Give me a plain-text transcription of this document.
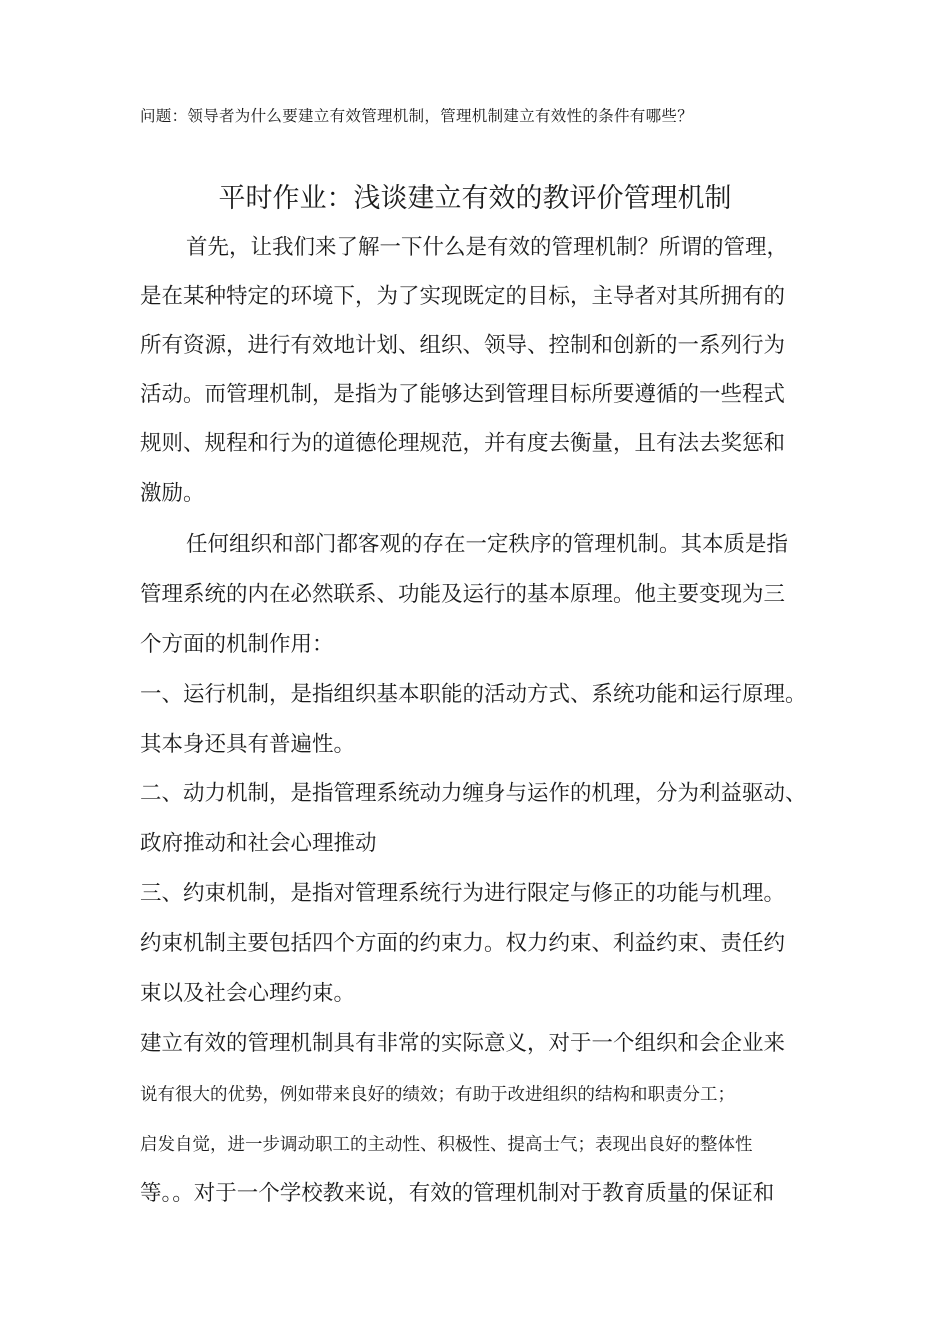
问题：领导者为什么要建立有效管理机制，管理机制建立有效性的条件有哪些？
平时作业：浅谈建立有效的教评价管理机制
首先，让我们来了解一下什么是有效的管理机制？所谓的管理，
是在某种特定的环境下，为了实现既定的目标，主导者对其所拥有的
所有资源，进行有效地计划、组织、领导、控制和创新的一系列行为
活动。而管理机制，是指为了能够达到管理目标所要遵循的一些程式
规则、规程和行为的道德伦理规范，并有度去衡量，且有法去奖惩和
激励。
任何组织和部门都客观的存在一定秩序的管理机制。其本质是指
管理系统的内在必然联系、功能及运行的基本原理。他主要变现为三
个方面的机制作用：
一、运行机制，是指组织基本职能的活动方式、系统功能和运行原理。
其本身还具有普遍性。
二、动力机制，是指管理系统动力缠身与运作的机理，分为利益驱动、
政府推动和社会心理推动
三、约束机制，是指对管理系统行为进行限定与修正的功能与机理。
约束机制主要包括四个方面的约束力。权力约束、利益约束、责任约
束以及社会心理约束。
建立有效的管理机制具有非常的实际意义，对于一个组织和会企业来
说有很大的优势，例如带来良好的绩效；有助于改进组织的结构和职责分工；
启发自觉，进一步调动职工的主动性、积极性、提高士气；表现出良好的整体性
等。。对于一个学校教来说，有效的管理机制对于教育质量的保证和
